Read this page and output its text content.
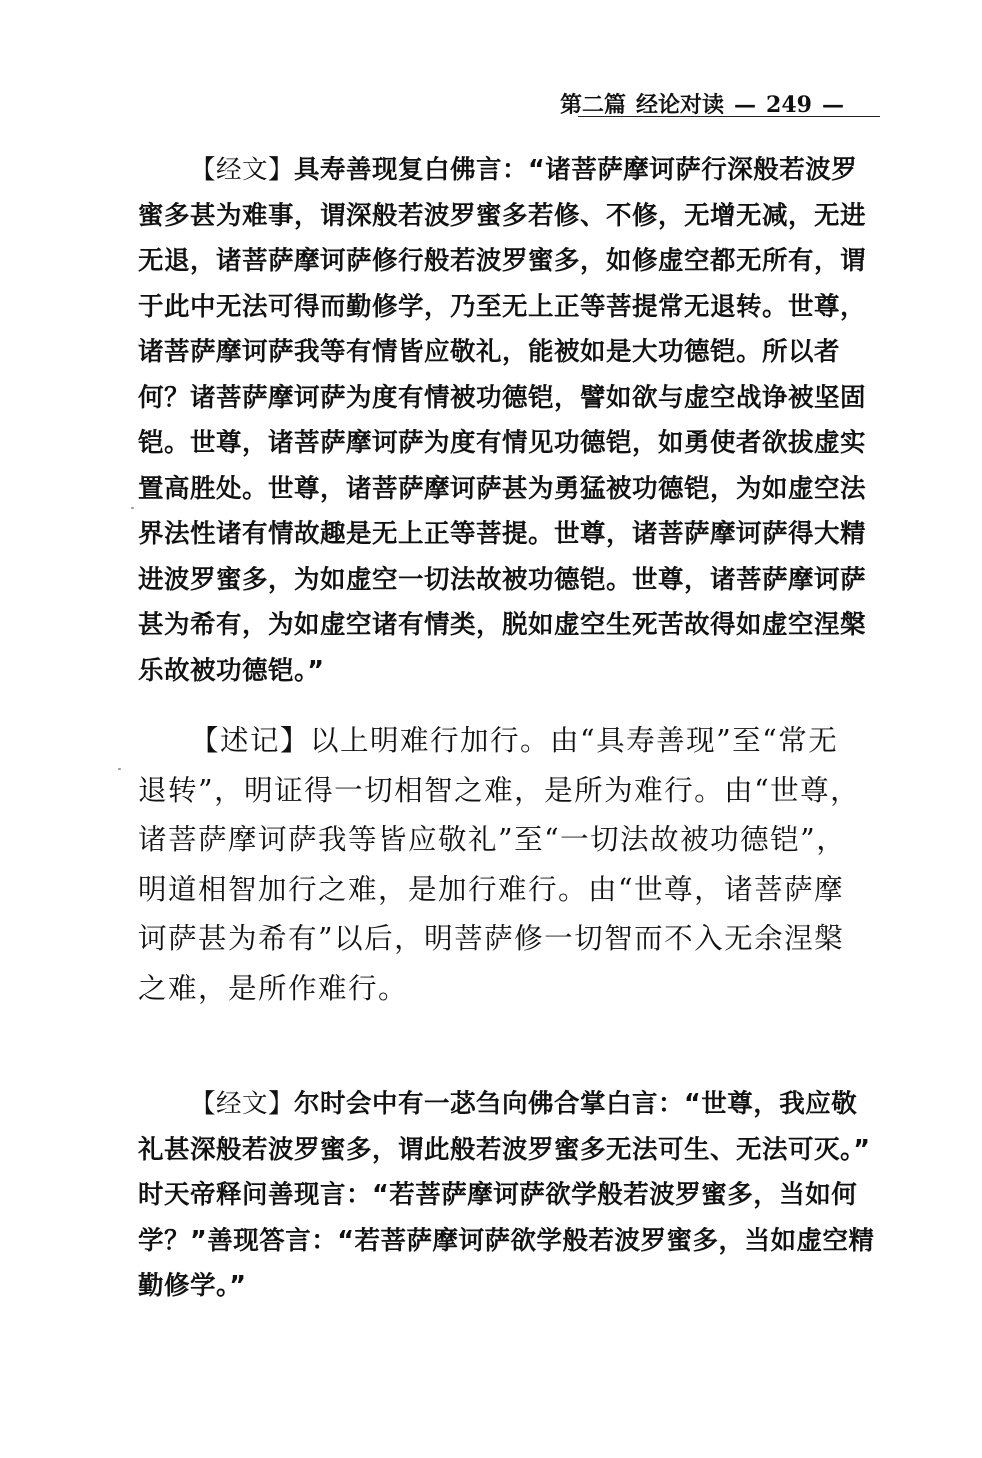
第二篇 经论对读 — 249 —
【经文】具寿善现复白佛言：“诸菩萨摩诃萨行深般若波罗
蜜多甚为难事，谓深般若波罗蜜多若修、不修，无增无减，无进
无退，诸菩萨摩诃萨修行般若波罗蜜多，如修虚空都无所有，谓
于此中无法可得而勤修学，乃至无上正等菩提常无退转。世尊，
诸菩萨摩诃萨我等有情皆应敬礼，能被如是大功德铠。所以者
何？诸菩萨摩诃萨为度有情被功德铠，譬如欲与虚空战诤被坚固
铠。世尊，诸菩萨摩诃萨为度有情见功德铠，如勇使者欲拔虚实
置高胜处。世尊，诸菩萨摩诃萨甚为勇猛被功德铠，为如虚空法
界法性诸有情故趣是无上正等菩提。世尊，诸菩萨摩诃萨得大精
进波罗蜜多，为如虚空一切法故被功德铠。世尊，诸菩萨摩诃萨
甚为希有，为如虚空诸有情类，脱如虚空生死苦故得如虚空涅槃
乐故被功德铠。”
【述记】以上明难行加行。由“具寿善现”至“常无
退转”，明证得一切相智之难，是所为难行。由“世尊，
诸菩萨摩诃萨我等皆应敬礼”至“一切法故被功德铠”，
明道相智加行之难，是加行难行。由“世尊，诸菩萨摩
诃萨甚为希有”以后，明菩萨修一切智而不入无余涅槃
之难，是所作难行。
【经文】尔时会中有一苾刍向佛合掌白言：“世尊，我应敬
礼甚深般若波罗蜜多，谓此般若波罗蜜多无法可生、无法可灭。”
时天帝释问善现言：“若菩萨摩诃萨欲学般若波罗蜜多，当如何
学？”善现答言：“若菩萨摩诃萨欲学般若波罗蜜多，当如虚空精
勤修学。”
